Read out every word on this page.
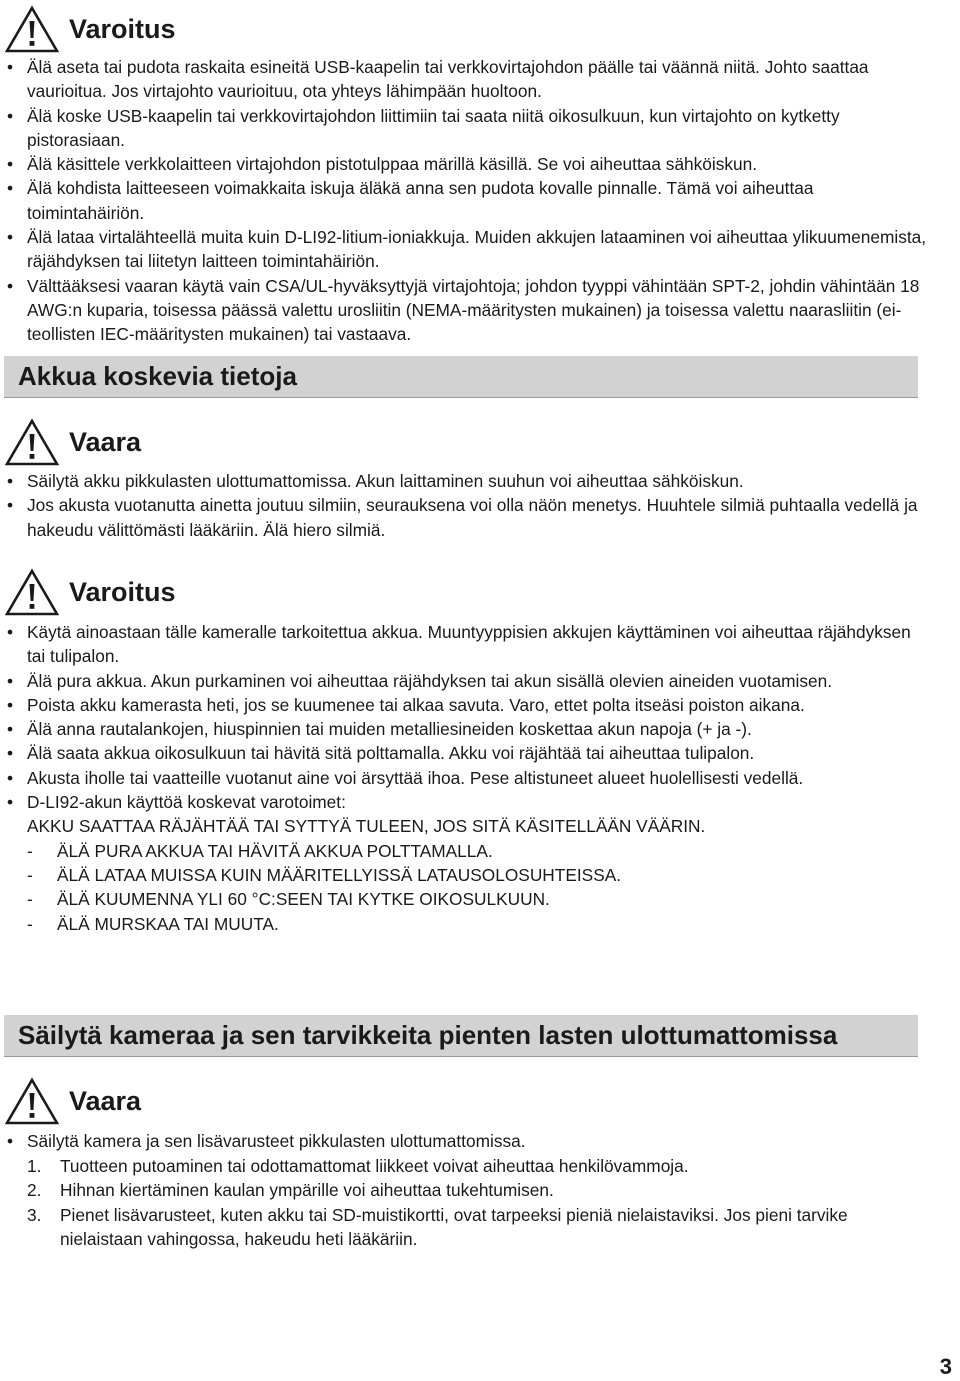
Varoitus
• Älä aseta tai pudota raskaita esineitä USB-kaapelin tai verkkovirtajohdon päälle tai väännä niitä. Johto saattaa vaurioitua. Jos virtajohto vaurioituu, ota yhteys lähimpään huoltoon.
• Älä koske USB-kaapelin tai verkkovirtajohdon liittimiin tai saata niitä oikosulkuun, kun virtajohto on kytketty pistorasiaan.
• Älä käsittele verkkolaitteen virtajohdon pistotulppaa märillä käsillä. Se voi aiheuttaa sähköiskun.
• Älä kohdista laitteeseen voimakkaita iskuja äläkä anna sen pudota kovalle pinnalle. Tämä voi aiheuttaa toimintahäiriön.
• Älä lataa virtalähteellä muita kuin D-LI92-litium-ioniakkuja. Muiden akkujen lataaminen voi aiheuttaa ylikuumenemista, räjähdyksen tai liitetyn laitteen toimintahäiriön.
• Välttääksesi vaaran käytä vain CSA/UL-hyväksyttyjä virtajohtoja; johdon tyyppi vähintään SPT-2, johdin vähintään 18 AWG:n kuparia, toisessa päässä valettu urosliitin (NEMA-määritysten mukainen) ja toisessa valettu naarasliitin (ei-teollisten IEC-määritysten mukainen) tai vastaava.
Akkua koskevia tietoja
Vaara
• Säilytä akku pikkulasten ulottumattomissa. Akun laittaminen suuhun voi aiheuttaa sähköiskun.
• Jos akusta vuotanutta ainetta joutuu silmiin, seurauksena voi olla näön menetys. Huuhtele silmiä puhtaalla vedellä ja hakeudu välittömästi lääkäriin. Älä hiero silmiä.
Varoitus
• Käytä ainoastaan tälle kameralle tarkoitettua akkua. Muuntyyppisien akkujen käyttäminen voi aiheuttaa räjähdyksen tai tulipalon.
• Älä pura akkua. Akun purkaminen voi aiheuttaa räjähdyksen tai akun sisällä olevien aineiden vuotamisen.
• Poista akku kamerasta heti, jos se kuumenee tai alkaa savuta. Varo, ettet polta itseäsi poiston aikana.
• Älä anna rautalankojen, hiuspinnien tai muiden metalliesineiden koskettaa akun napoja (+ ja -).
• Älä saata akkua oikosulkuun tai hävitä sitä polttamalla. Akku voi räjähtää tai aiheuttaa tulipalon.
• Akusta iholle tai vaatteille vuotanut aine voi ärsyttää ihoa. Pese altistuneet alueet huolellisesti vedellä.
• D-LI92-akun käyttöä koskevat varotoimet:
AKKU SAATTAA RÄJÄHTÄÄ TAI SYTTYÄ TULEEN, JOS SITÄ KÄSITELLÄÄN VÄÄRIN.
- ÄLÄ PURA AKKUA TAI HÄVITÄ AKKUA POLTTAMALLA.
- ÄLÄ LATAA MUISSA KUIN MÄÄRITELLYISSÄ LATAUSOLOSUHTEISSA.
- ÄLÄ KUUMENNA YLI 60 °C:SEEN TAI KYTKE OIKOSULKUUN.
- ÄLÄ MURSKAA TAI MUUTA.
Säilytä kameraa ja sen tarvikkeita pienten lasten ulottumattomissa
Vaara
• Säilytä kamera ja sen lisävarusteet pikkulasten ulottumattomissa.
1.	Tuotteen putoaminen tai odottamattomat liikkeet voivat aiheuttaa henkilövammoja.
2.	Hihnan kiertäminen kaulan ympärille voi aiheuttaa tukehtumisen.
3.	Pienet lisävarusteet, kuten akku tai SD-muistikortti, ovat tarpeeksi pieniä nielaistaviksi. Jos pieni tarvike nielaistaan vahingossa, hakeudu heti lääkäriin.
3
